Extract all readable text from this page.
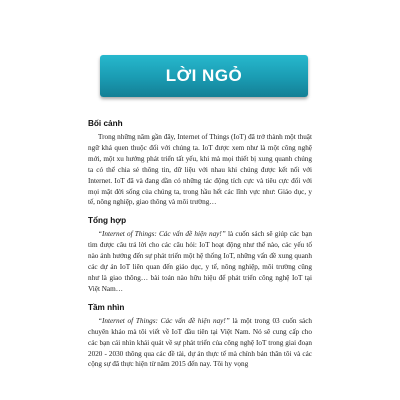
LỜI NGỎ

Bối cảnh

Trong những năm gần đây, Internet of Things (IoT) đã trở thành một thuật ngữ khá quen thuộc đối với chúng ta. IoT được xem như là một công nghệ mới, một xu hướng phát triển tất yếu, khi mà mọi thiết bị xung quanh chúng ta có thể chia sẻ thông tin, dữ liệu với nhau khi chúng được kết nối với Internet. IoT đã và đang dần có những tác động tích cực và tiêu cực đối với mọi mặt đời sống của chúng ta, trong hầu hết các lĩnh vực như: Giáo dục, y tế, nông nghiệp, giao thông và môi trường…

Tổng hợp

“Internet of Things: Các vấn đề hiện nay!” là cuốn sách sẽ giúp các bạn tìm được câu trả lời cho các câu hỏi: IoT hoạt động như thế nào, các yếu tố nào ảnh hưởng đến sự phát triển một hệ thống IoT, những vấn đề xung quanh các dự án IoT liên quan đến giáo dục, y tế, nông nghiệp, môi trường cũng như là giao thông… bài toán nào hữu hiệu để phát triển công nghệ IoT tại Việt Nam…

Tầm nhìn

“Internet of Things: Các vấn đề hiện nay!” là một trong 03 cuốn sách chuyên khảo mà tôi viết về IoT đầu tiên tại Việt Nam. Nó sẽ cung cấp cho các bạn cái nhìn khái quát về sự phát triển của công nghệ IoT trong giai đoạn 2020 - 2030 thông qua các đề tài, dự án thực tế mà chính bản thân tôi và các cộng sự đã thực hiện từ năm 2015 đến nay. Tôi hy vọng
